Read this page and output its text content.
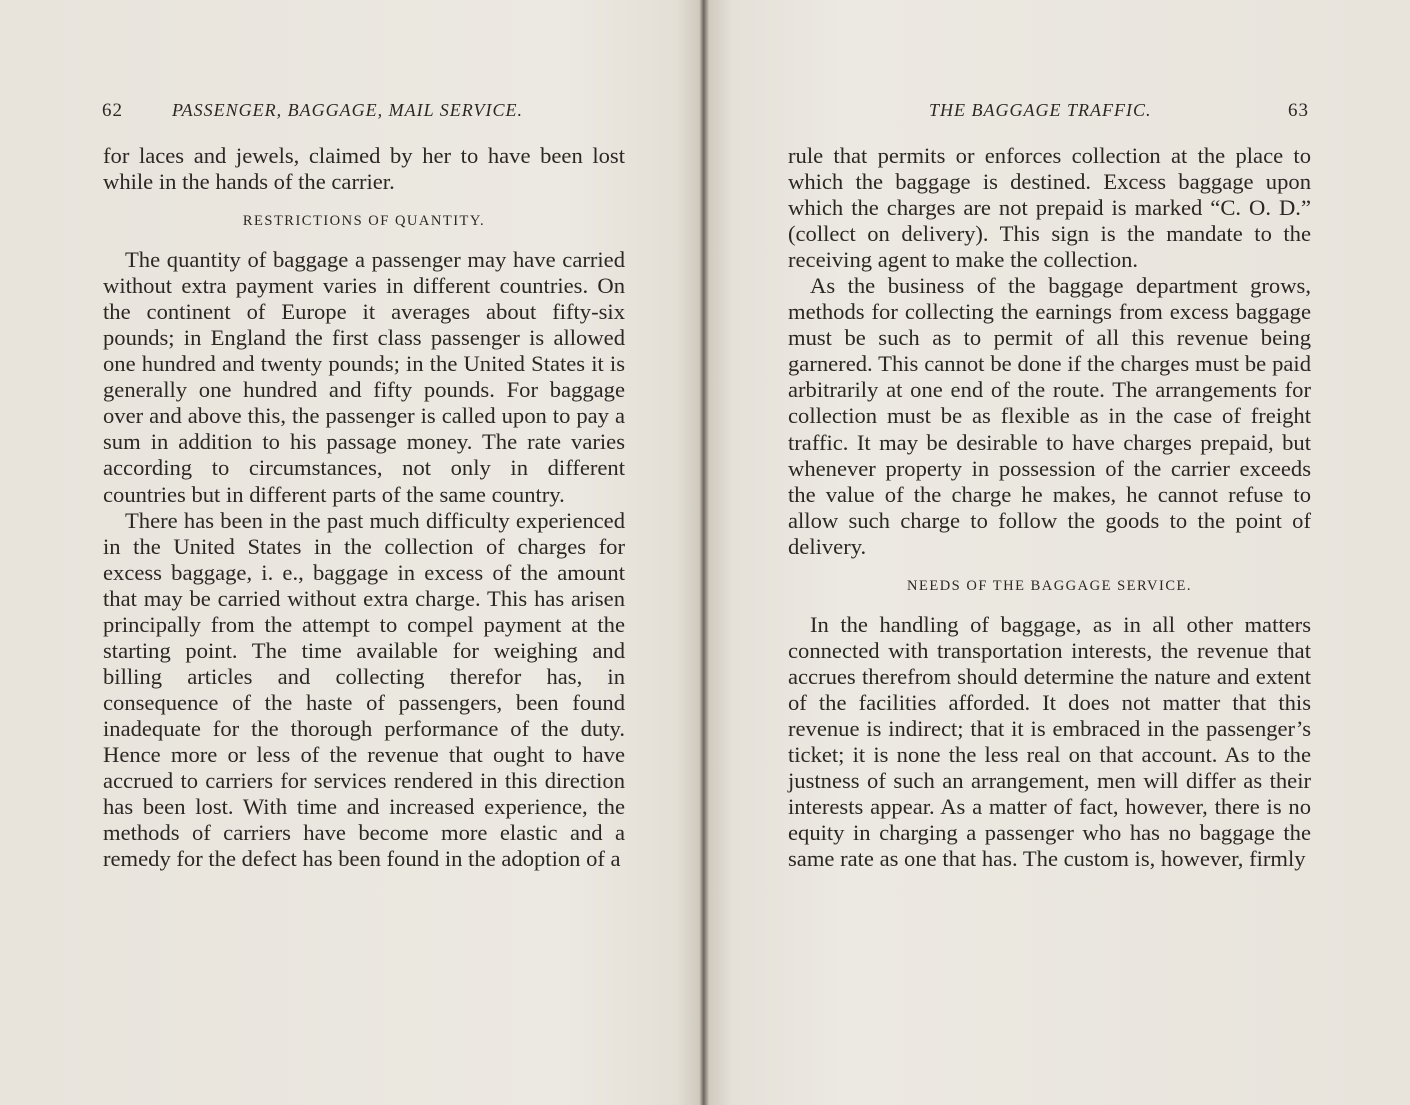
62	PASSENGER, BAGGAGE, MAIL SERVICE.

for laces and jewels, claimed by her to have been lost while in the hands of the carrier.

RESTRICTIONS OF QUANTITY.

The quantity of baggage a passenger may have carried without extra payment varies in different countries. On the continent of Europe it averages about fifty-six pounds; in England the first class passenger is allowed one hundred and twenty pounds; in the United States it is generally one hundred and fifty pounds. For baggage over and above this, the passenger is called upon to pay a sum in addition to his passage money. The rate varies according to circumstances, not only in different countries but in different parts of the same country.

There has been in the past much difficulty experienced in the United States in the collection of charges for excess baggage, i. e., baggage in excess of the amount that may be carried without extra charge. This has arisen principally from the attempt to compel payment at the starting point. The time available for weighing and billing articles and collecting therefor has, in consequence of the haste of passengers, been found inadequate for the thorough performance of the duty. Hence more or less of the revenue that ought to have accrued to carriers for services rendered in this direction has been lost. With time and increased experience, the methods of carriers have become more elastic and a remedy for the defect has been found in the adoption of a

THE BAGGAGE TRAFFIC.	63

rule that permits or enforces collection at the place to which the baggage is destined. Excess baggage upon which the charges are not prepaid is marked “C. O. D.” (collect on delivery). This sign is the mandate to the receiving agent to make the collection.

As the business of the baggage department grows, methods for collecting the earnings from excess baggage must be such as to permit of all this revenue being garnered. This cannot be done if the charges must be paid arbitrarily at one end of the route. The arrangements for collection must be as flexible as in the case of freight traffic. It may be desirable to have charges prepaid, but whenever property in possession of the carrier exceeds the value of the charge he makes, he cannot refuse to allow such charge to follow the goods to the point of delivery.

NEEDS OF THE BAGGAGE SERVICE.

In the handling of baggage, as in all other matters connected with transportation interests, the revenue that accrues therefrom should determine the nature and extent of the facilities afforded. It does not matter that this revenue is indirect; that it is embraced in the passenger’s ticket; it is none the less real on that account. As to the justness of such an arrangement, men will differ as their interests appear. As a matter of fact, however, there is no equity in charging a passenger who has no baggage the same rate as one that has. The custom is, however, firmly
